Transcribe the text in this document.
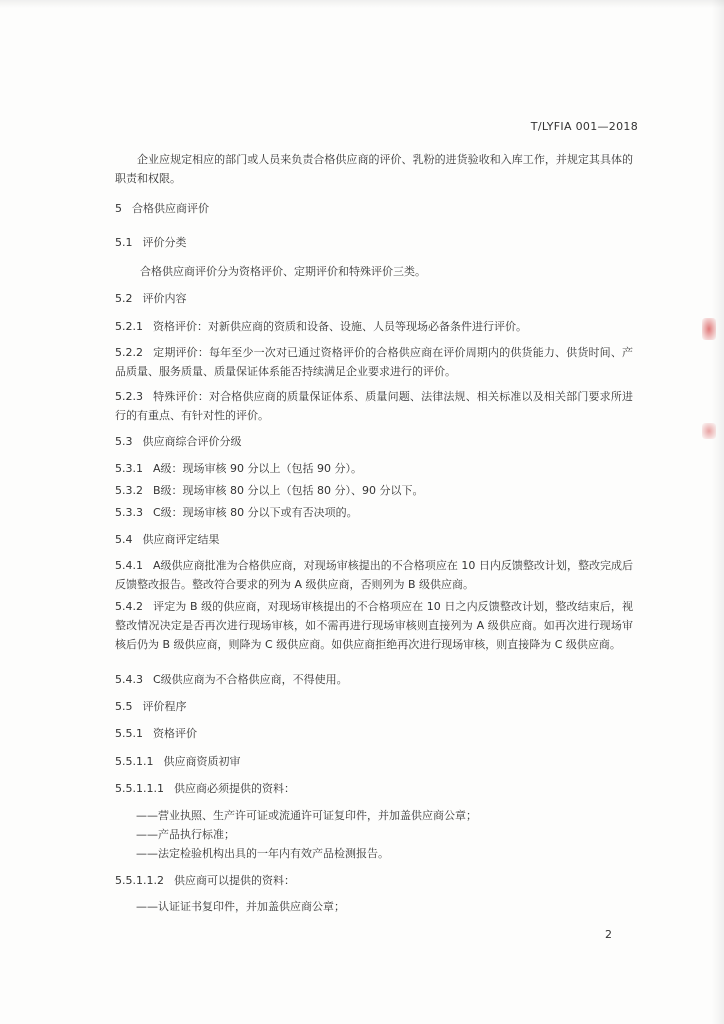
T/LYFIA 001—2018
企业应规定相应的部门或人员来负责合格供应商的评价、乳粉的进货验收和入库工作，并规定其具体的职责和权限。
5 合格供应商评价
5.1 评价分类
合格供应商评价分为资格评价、定期评价和特殊评价三类。
5.2 评价内容
5.2.1 资格评价：对新供应商的资质和设备、设施、人员等现场必备条件进行评价。
5.2.2 定期评价：每年至少一次对已通过资格评价的合格供应商在评价周期内的供货能力、供货时间、产品质量、服务质量、质量保证体系能否持续满足企业要求进行的评价。
5.2.3 特殊评价：对合格供应商的质量保证体系、质量问题、法律法规、相关标准以及相关部门要求所进行的有重点、有针对性的评价。
5.3 供应商综合评价分级
5.3.1 A级：现场审核 90 分以上（包括 90 分）。
5.3.2 B级：现场审核 80 分以上（包括 80 分）、90 分以下。
5.3.3 C级：现场审核 80 分以下或有否决项的。
5.4 供应商评定结果
5.4.1 A级供应商批准为合格供应商，对现场审核提出的不合格项应在 10 日内反馈整改计划，整改完成后反馈整改报告。整改符合要求的列为 A 级供应商，否则列为 B 级供应商。
5.4.2 评定为 B 级的供应商，对现场审核提出的不合格项应在 10 日之内反馈整改计划，整改结束后，视整改情况决定是否再次进行现场审核，如不需再进行现场审核则直接列为 A 级供应商。如再次进行现场审核后仍为 B 级供应商，则降为 C 级供应商。如供应商拒绝再次进行现场审核，则直接降为 C 级供应商。
5.4.3 C级供应商为不合格供应商，不得使用。
5.5 评价程序
5.5.1 资格评价
5.5.1.1 供应商资质初审
5.5.1.1.1 供应商必须提供的资料：
——营业执照、生产许可证或流通许可证复印件，并加盖供应商公章；
——产品执行标准；
——法定检验机构出具的一年内有效产品检测报告。
5.5.1.1.2 供应商可以提供的资料：
——认证证书复印件，并加盖供应商公章；
2
